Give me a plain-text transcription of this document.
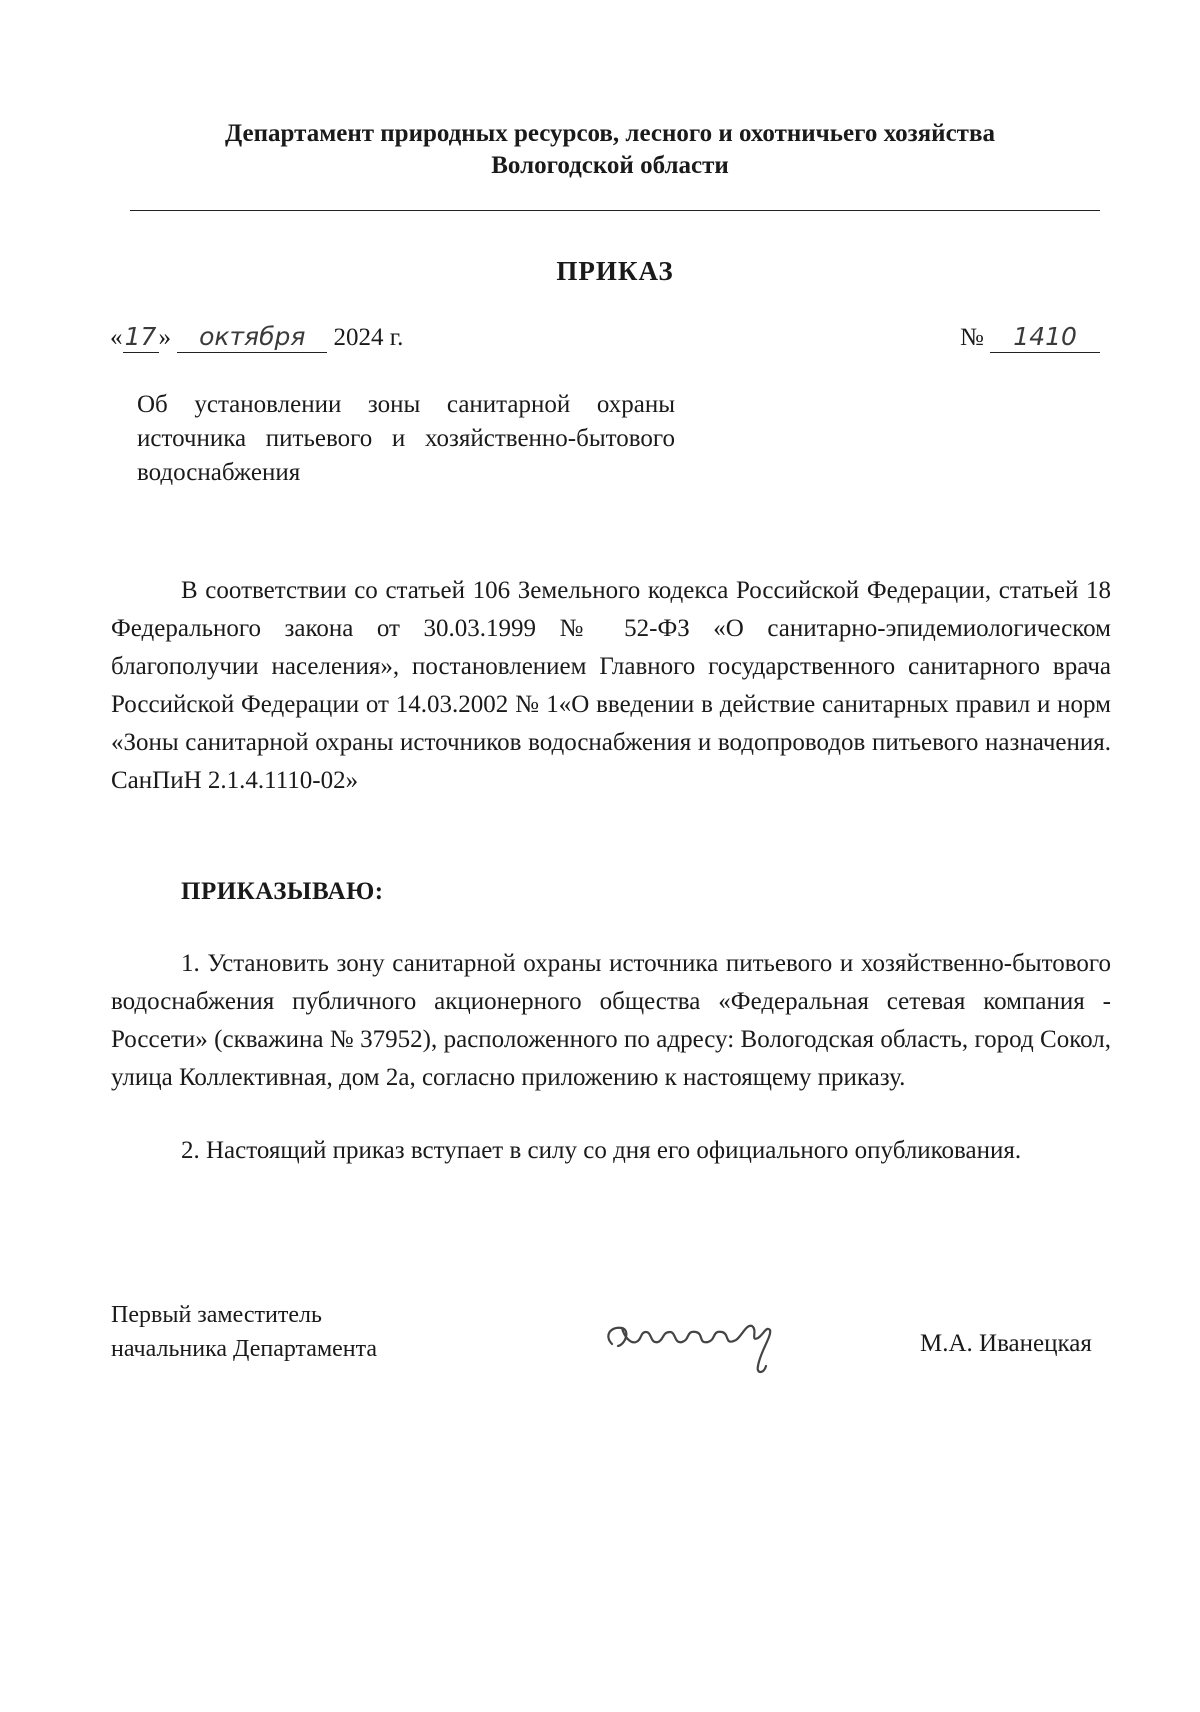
Департамент природных ресурсов, лесного и охотничьего хозяйства
Вологодской области
ПРИКАЗ
«17» октября 2024 г.	№ 1410
Об установлении зоны санитарной охраны источника питьевого и хозяйственно-бытового водоснабжения
В соответствии со статьей 106 Земельного кодекса Российской Федерации, статьей 18 Федерального закона от 30.03.1999 № 52-ФЗ «О санитарно-эпидемиологическом благополучии населения», постановлением Главного государственного санитарного врача Российской Федерации от 14.03.2002 № 1«О введении в действие санитарных правил и норм «Зоны санитарной охраны источников водоснабжения и водопроводов питьевого назначения. СанПиН 2.1.4.1110-02»
ПРИКАЗЫВАЮ:
1. Установить зону санитарной охраны источника питьевого и хозяйственно-бытового водоснабжения публичного акционерного общества «Федеральная сетевая компания - Россети» (скважина № 37952), расположенного по адресу: Вологодская область, город Сокол, улица Коллективная, дом 2а, согласно приложению к настоящему приказу.
2. Настоящий приказ вступает в силу со дня его официального опубликования.
Первый заместитель
начальника Департамента	М.А. Иванецкая
